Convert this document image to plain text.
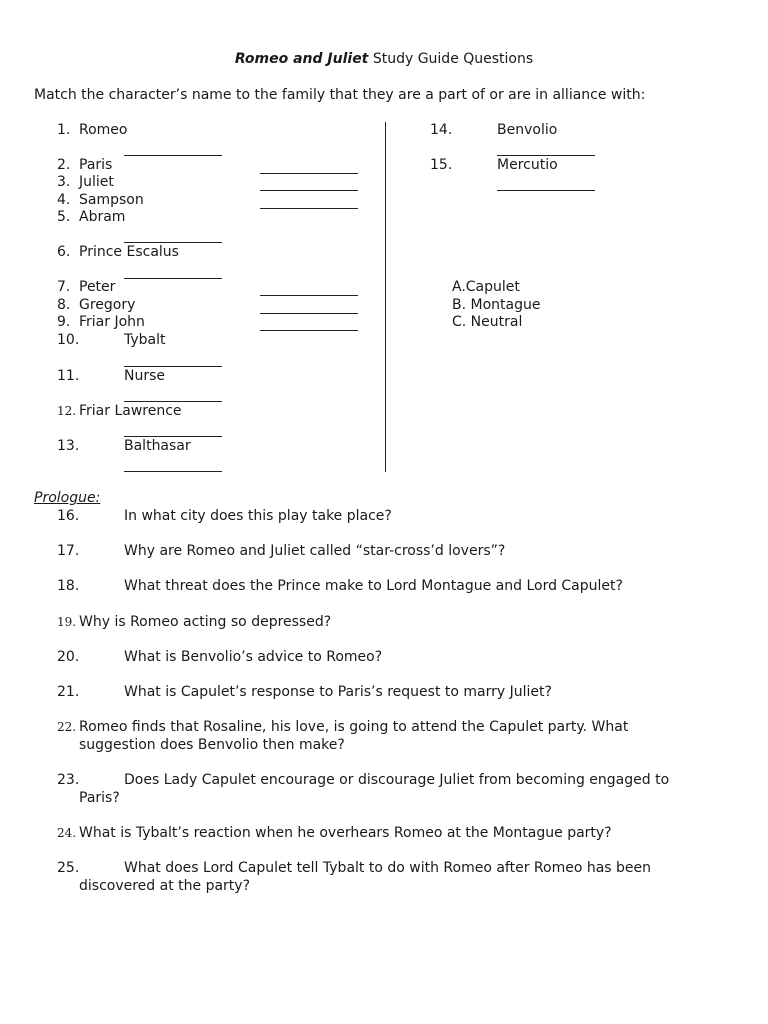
Romeo and Juliet Study Guide Questions
Match the character’s name to the family that they are a part of or are in alliance with:
1. Romeo
2. Paris
3. Juliet
4. Sampson
5. Abram
6. Prince Escalus
7. Peter
8. Gregory
9. Friar John
10.	Tybalt
11.	Nurse
12. Friar Lawrence
13.	Balthasar
14.	Benvolio
15.	Mercutio
A.Capulet
B. Montague
C. Neutral
Prologue:
16.	In what city does this play take place?
17.	Why are Romeo and Juliet called “star-cross’d lovers”?
18.	What threat does the Prince make to Lord Montague and Lord Capulet?
19. Why is Romeo acting so depressed?
20.	What is Benvolio’s advice to Romeo?
21.	What is Capulet’s response to Paris’s request to marry Juliet?
22. Romeo finds that Rosaline, his love, is going to attend the Capulet party. What
suggestion does Benvolio then make?
23.	Does Lady Capulet encourage or discourage Juliet from becoming engaged to
Paris?
24. What is Tybalt’s reaction when he overhears Romeo at the Montague party?
25.	What does Lord Capulet tell Tybalt to do with Romeo after Romeo has been
discovered at the party?
